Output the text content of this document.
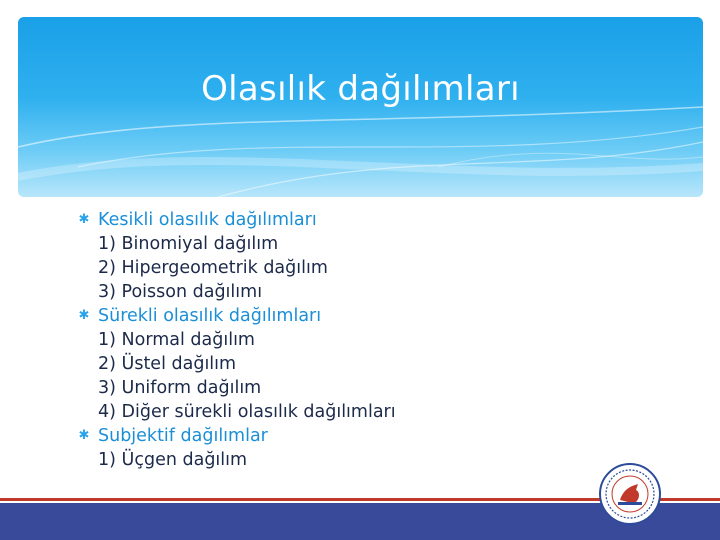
Olasılık dağılımları
✱ Kesikli olasılık dağılımları
1) Binomiyal dağılım
2) Hipergeometrik dağılım
3) Poisson dağılımı
✱ Sürekli olasılık dağılımları
1) Normal dağılım
2) Üstel dağılım
3) Uniform dağılım
4) Diğer sürekli olasılık dağılımları
✱ Subjektif dağılımlar
1) Üçgen dağılım
